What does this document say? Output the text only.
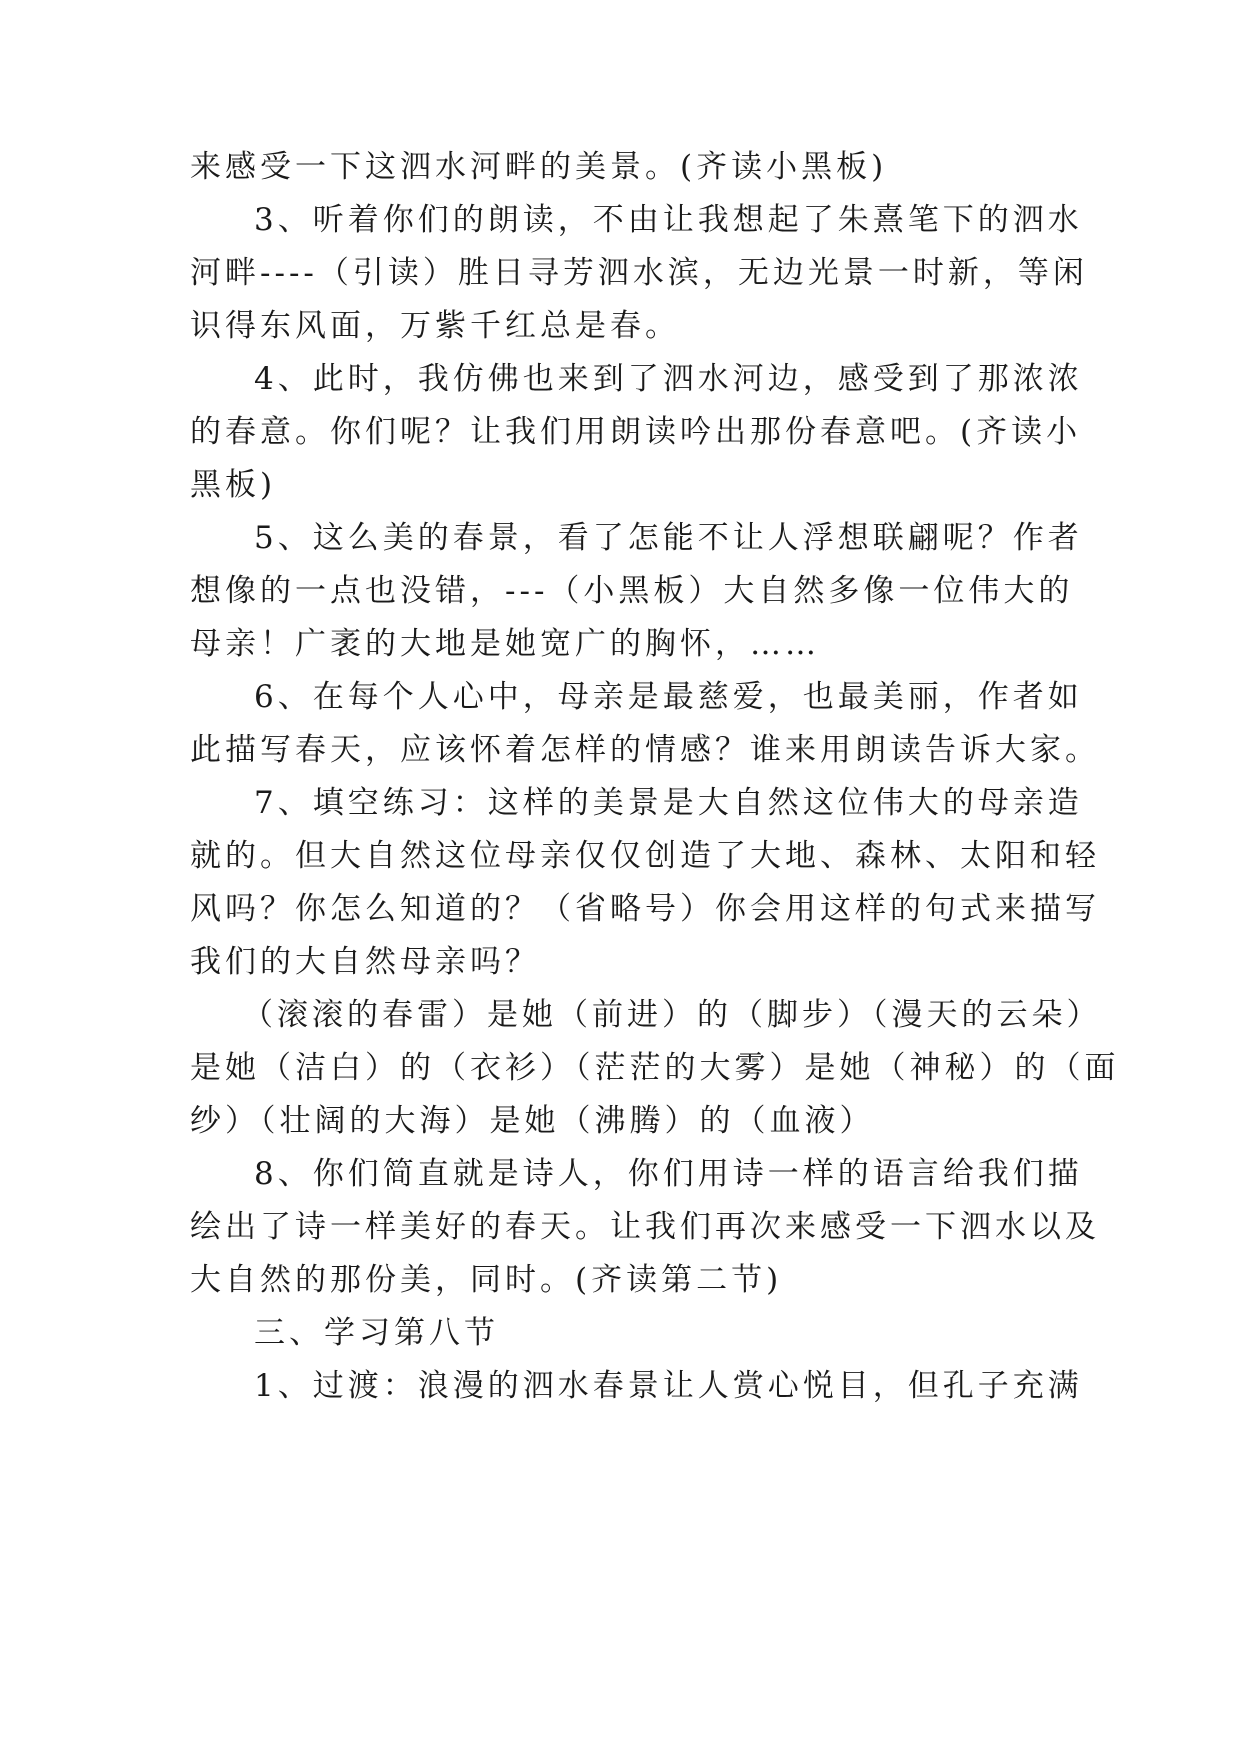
来感受一下这泗水河畔的美景。(齐读小黑板)
3、听着你们的朗读，不由让我想起了朱熹笔下的泗水
河畔----（引读）胜日寻芳泗水滨，无边光景一时新，等闲
识得东风面，万紫千红总是春。
4、此时，我仿佛也来到了泗水河边，感受到了那浓浓
的春意。你们呢？让我们用朗读吟出那份春意吧。(齐读小
黑板)
5、这么美的春景，看了怎能不让人浮想联翩呢？作者
想像的一点也没错，---（小黑板）大自然多像一位伟大的
母亲！广袤的大地是她宽广的胸怀，……
6、在每个人心中，母亲是最慈爱，也最美丽，作者如
此描写春天，应该怀着怎样的情感？谁来用朗读告诉大家。
7、填空练习：这样的美景是大自然这位伟大的母亲造
就的。但大自然这位母亲仅仅创造了大地、森林、太阳和轻
风吗？你怎么知道的？（省略号）你会用这样的句式来描写
我们的大自然母亲吗？
（滚滚的春雷）是她（前进）的（脚步）（漫天的云朵）
是她（洁白）的（衣衫）（茫茫的大雾）是她（神秘）的（面
纱）（壮阔的大海）是她（沸腾）的（血液）
8、你们简直就是诗人，你们用诗一样的语言给我们描
绘出了诗一样美好的春天。让我们再次来感受一下泗水以及
大自然的那份美，同时。(齐读第二节)
三、学习第八节
1、过渡：浪漫的泗水春景让人赏心悦目，但孔子充满
